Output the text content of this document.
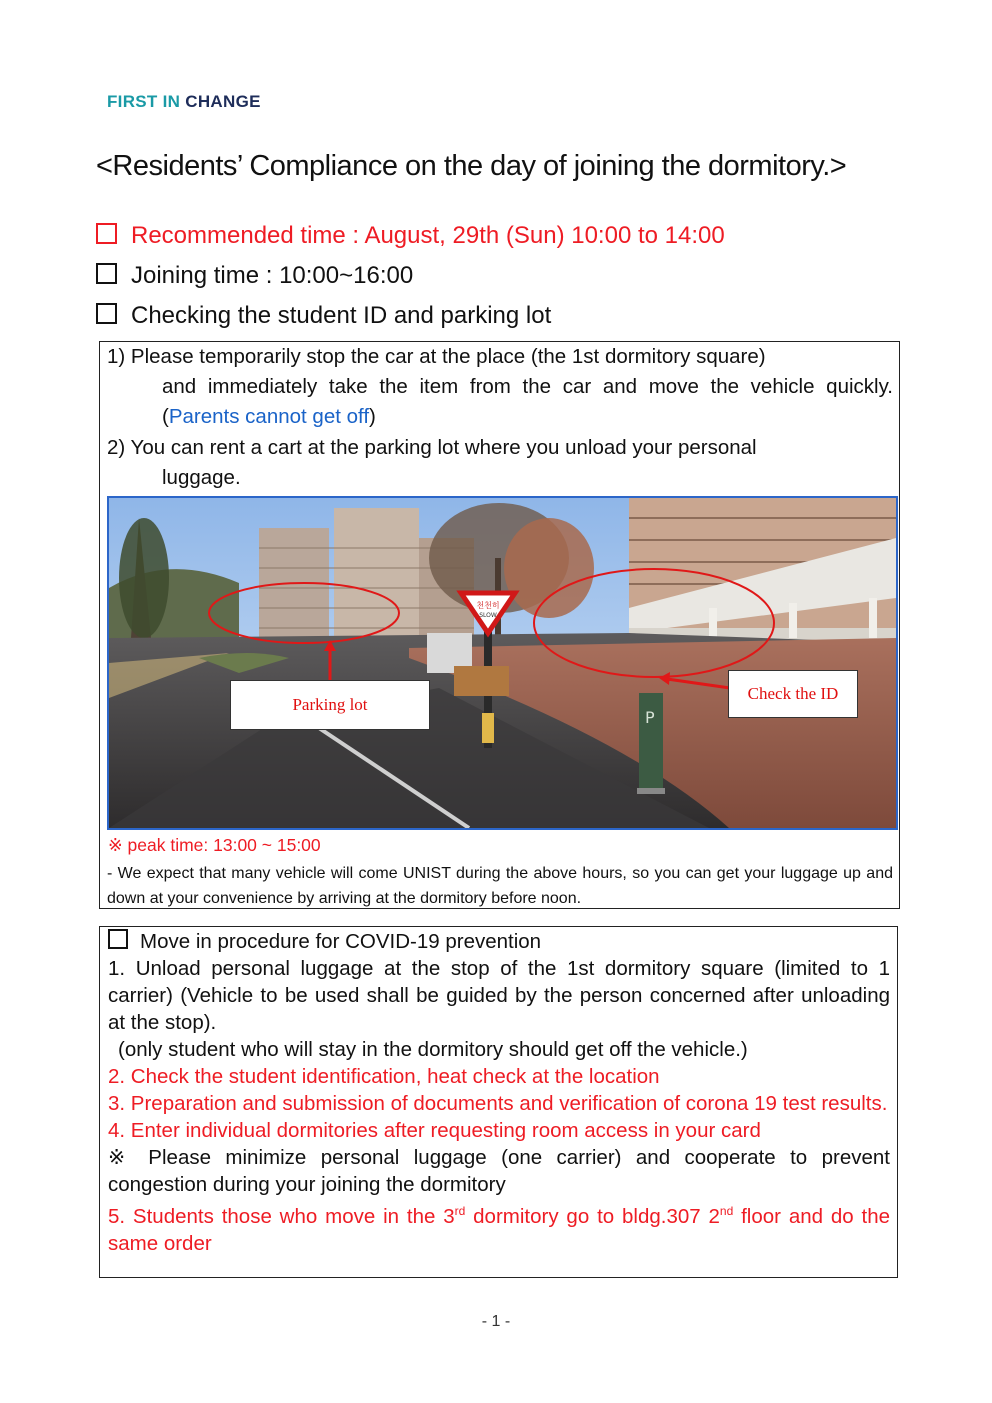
FIRST IN CHANGE
<Residents’ Compliance on the day of joining the dormitory.>
Recommended time : August, 29th (Sun) 10:00 to 14:00
Joining time : 10:00~16:00
Checking the student ID and parking lot
1) Please temporarily stop the car at the place (the 1st dormitory square)
and immediately take the item from the car and move the vehicle quickly.(Parents cannot get off)
2) You can rent a cart at the parking lot where you unload your personal
luggage.
P
천천히
SLOW
Parking lot
Check the ID
※ peak time: 13:00 ~ 15:00
- We expect that many vehicle will come UNIST during the above hours, so you can get your luggage up and down at your convenience by arriving at the dormitory before noon.
Move in procedure for COVID-19 prevention
1. Unload personal luggage at the stop of the 1st dormitory square (limited to 1 carrier) (Vehicle to be used shall be guided by the person concerned after unloading at the stop).
(only student who will stay in the dormitory should get off the vehicle.)
2. Check the student identification, heat check at the location
3. Preparation and submission of documents and verification of corona 19 test results.
4. Enter individual dormitories after requesting room access in your card
※ Please minimize personal luggage (one carrier) and cooperate to prevent congestion during your joining the dormitory
5. Students those who move in the 3rd dormitory go to bldg.307 2nd floor and do the same order
- 1 -
